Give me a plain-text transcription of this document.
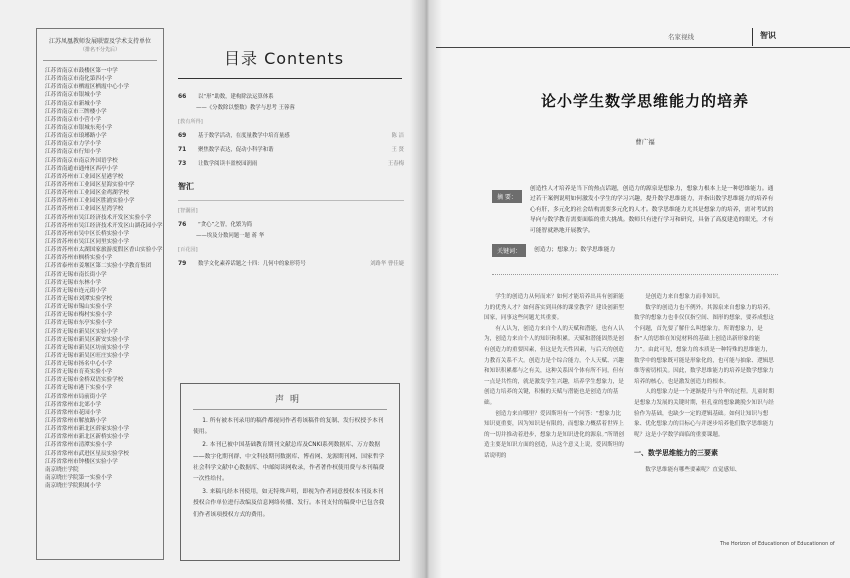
江苏凤凰教师发展联盟及学术支持单位
（排名不分先后）
江苏省南京市鼓楼区第一中学
江苏省南京市南化第四小学
江苏省南京市栖霞区栖霞中心小学
江苏省南京市银城小学
江苏省南京市新城小学
江苏省南京市三牌楼小学
江苏省南京市小营小学
江苏省南京市银城东苑小学
江苏省南京市琅琊路小学
江苏省南京市力学小学
江苏省南京市行知小学
江苏省南京市南京外国语学校
江苏省南通市通州区西亭小学
江苏省苏州市工业园区星港学校
江苏省苏州市工业园区星海实验中学
江苏省苏州市工业园区金鸡湖学校
江苏省苏州市工业园区胜浦实验小学
江苏省苏州市工业园区星湾学校
江苏省苏州市吴江经济技术开发区实验小学
江苏省苏州市吴江经济技术开发区山湖花园小学
江苏省苏州市吴中区长桥实验小学
江苏省苏州市吴江区同里实验小学
江苏省苏州市太湖国家旅游度假区香山实验小学
江苏省苏州市枫桥实验小学
江苏省泰州市姜堰区第二实验小学教育集团
江苏省无锡市南长街小学
江苏省无锡市东林小学
江苏省无锡市连元街小学
江苏省无锡市刘潭实验学校
江苏省无锡市锡山实验小学
江苏省无锡市梅村实验小学
江苏省无锡市东亭实验小学
江苏省无锡市新吴区实验小学
江苏省无锡市新吴区新安实验小学
江苏省无锡市新吴区坊前实验小学
江苏省无锡市新吴区旺庄实验小学
江苏省无锡市扬名中心小学
江苏省无锡市育英实验小学
江苏省无锡市金桥双语实验学校
江苏省无锡市港下实验小学
江苏省常州市局前街小学
江苏省常州市北郊小学
江苏省常州市花园小学
江苏省常州市解放路小学
江苏省常州市新北区薛家实验小学
江苏省常州市新北区新桥实验小学
江苏省常州市清潭实验小学
江苏省常州市武进区星辰实验学校
江苏省常州市钟楼区实验小学
南京晓庄学院
南京晓庄学院第一实验小学
南京晓庄学院附属小学
目录 Contents
66	以“形”助数，建构除法运算体系
——《分数除以整数》教学与思考 王蓉蓉
[教有所得]
69	基于数学活动，在度量教学中培育量感	陈 洁
71	聚焦数学表达，促动小科学和谐	王 贤
73	让数学阅读丰盈校园润雨	王春梅
智汇
[智囊团]
76	“贪心”之智，化繁为简
——埃及分数问题一题 蒋 华
[百花园]
79	数学文化素养话题之十四：几何中的象形符号	刘路华 曹佳婕
声明

1. 所有被本刊录用的稿件都视同作者将该稿件的复制、发行权授予本刊使用。

2. 本刊已被中国基础教育期刊文献总库及CNKI系列数据库、万方数据——数字化期刊群、中文科技期刊数据库、博看网、龙源期刊网、国家哲学社会科学文献中心数据库、中邮阅读网收录，作者著作权使用费与本刊稿费一次性给付。

3. 来稿凡经本刊使用，如无特殊声明，即视为作者同意授权本刊及本刊授权合作单位进行改编及信息网络传播、发行。本刊支付的稿费中已包含我们作者该项授权方式的费用。

名家视线	智识
论小学生数学思维能力的培养
曹广福
摘 要：
创造性人才培养是当下的热点话题，创造力的源泉是想象力，想象力根本上是一种思维能力。通过若干案例说明如何激发小学生的学习兴趣，提升数学思维能力，并指出数学思维能力的培养有心有肝，多元化的社会结构需要多元化的人才。数学思维能力尤其是想象力的培养，需对考试的导向与数学教育需要面临的重大挑战。数师只有进行学习和研究，具备了高度建造的眼光，才有可能智就熟地开展教学。
关键词：	创造力；想象力；数学思维能力

学生的创造力从何而来？如何才能培养出具有创新能力的优秀人才？如何落实到具体的课堂教学？建设创新型国家，同事这些问题尤其重要。

有人认为，创造力来自个人的天赋和潜能，也有人认为，创造力来自个人的知识和积累。天赋和潜能固然是创有创造力的重要因素，但这是先天性因素，与后天的创造力教育关系不大。创造力是个综合能力，个人天赋、兴趣和知识积累都与之有关，这种关系因个体有所不同，但有一点是共性的，就是激发学生兴趣，培养学生想象力，是创造力培养的关键，积极的天赋与潜能也是创造力的基础。

创造力来自哪里？爱因斯坦有一个问答：“想象力比知识更重要，因为知识是有限的，而想象力概括着世界上的一切并推动着进步，想象力是知识进化的源泉。”所谓创造主要是知识方面的创造，从这个意义上说，爱因斯坦的话说明的

是创造力来自想象力而非知识。

数学的创造力也不例外。其源泉来自想象力的培养。数学的想象力也非仅仅指空间、图形的想象，要养成想这个问题，首先要了解什么叫想象力。所谓想象力，是指“人的思维在知觉材料的基础上创造出新形象的能力”。由此可见，想象力的本质是一种特殊的思维能力，数学中的想象既可能是形象化的，也可能与抽象、逻辑思维等密切相关。因此，数学思维能力的培养是数学想象力培养的核心，也是激发创造力的根本。

人的想象力是一个逐渐提升与升华的过程。儿童时期是想象力发展的关键时期，但孔童的想象跳脱少知识与经验作为基础，也缺少一定的逻辑基础。如何让知识与想象、优化想象力的目标心与并逐步培养他们数学思维能力呢？这是小学数学面临的重要课题。

一、数学思维能力的三要素

数学思维能有哪些要素呢？直觉感知、

The Horizon of Educationon of Educationon of
